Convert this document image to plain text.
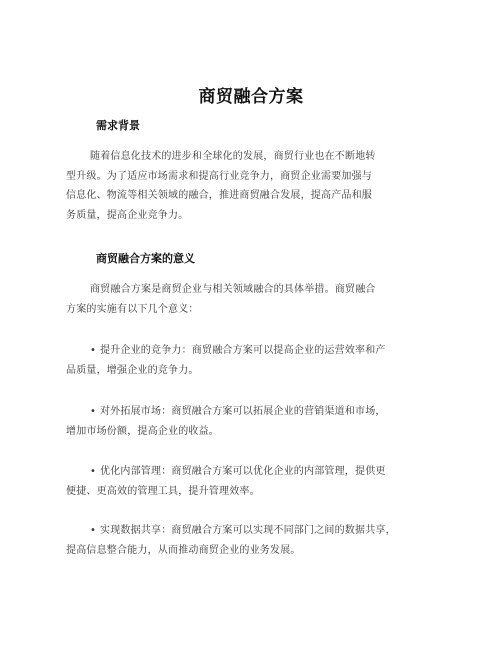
商贸融合方案
需求背景
随着信息化技术的进步和全球化的发展，商贸行业也在不断地转
型升级。为了适应市场需求和提高行业竞争力，商贸企业需要加强与
信息化、物流等相关领域的融合，推进商贸融合发展，提高产品和服
务质量，提高企业竞争力。
商贸融合方案的意义
商贸融合方案是商贸企业与相关领域融合的具体举措。商贸融合
方案的实施有以下几个意义：
• 提升企业的竞争力：商贸融合方案可以提高企业的运营效率和产
品质量，增强企业的竞争力。
• 对外拓展市场：商贸融合方案可以拓展企业的营销渠道和市场，
增加市场份额，提高企业的收益。
• 优化内部管理：商贸融合方案可以优化企业的内部管理，提供更
便捷、更高效的管理工具，提升管理效率。
• 实现数据共享：商贸融合方案可以实现不同部门之间的数据共享，
提高信息整合能力，从而推动商贸企业的业务发展。
